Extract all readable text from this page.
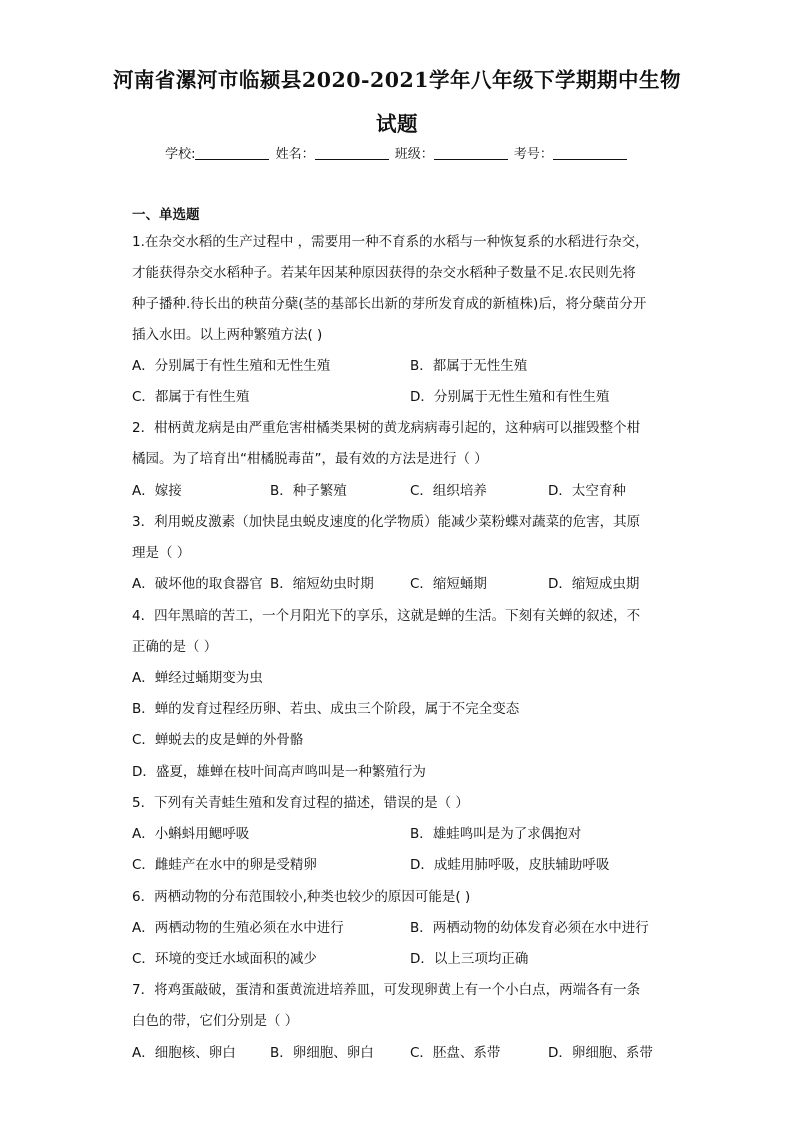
河南省漯河市临颍县2020-2021学年八年级下学期期中生物
试题
学校:	姓名：	班级：	考号：
一、单选题
1.在杂交水稻的生产过程中 ，需要用一种不育系的水稻与一种恢复系的水稻进行杂交，
才能获得杂交水稻种子。若某年因某种原因获得的杂交水稻种子数量不足.农民则先将
种子播种.待长出的秧苗分蘖(茎的基部长出新的芽所发育成的新植株)后，将分蘖苗分开
插入水田。以上两种繁殖方法( )
A．分别属于有性生殖和无性生殖	B．都属于无性生殖
C．都属于有性生殖	D．分别属于无性生殖和有性生殖
2．柑柄黄龙病是由严重危害柑橘类果树的黄龙病病毒引起的，这种病可以摧毁整个柑
橘园。为了培育出“柑橘脱毒苗”，最有效的方法是进行（ ）
A．嫁接	B．种子繁殖	C．组织培养	D．太空育种
3．利用蜕皮激素（加快昆虫蜕皮速度的化学物质）能减少菜粉蝶对蔬菜的危害，其原
理是（ ）
A．破坏他的取食器官 B．缩短幼虫时期	C．缩短蛹期	D．缩短成虫期
4．四年黑暗的苦工，一个月阳光下的享乐，这就是蝉的生活。下刻有关蝉的叙述，不
正确的是（ ）
A．蝉经过蛹期变为虫
B．蝉的发育过程经历卵、若虫、成虫三个阶段，属于不完全变态
C．蝉蜕去的皮是蝉的外骨骼
D．盛夏，雄蝉在枝叶间高声鸣叫是一种繁殖行为
5．下列有关青蛙生殖和发育过程的描述，错误的是（ ）
A．小蝌蚪用鳃呼吸	B．雄蛙鸣叫是为了求偶抱对
C．雌蛙产在水中的卵是受精卵	D．成蛙用肺呼吸，皮肤辅助呼吸
6．两栖动物的分布范围较小,种类也较少的原因可能是( )
A．两栖动物的生殖必须在水中进行	B．两栖动物的幼体发育必须在水中进行
C．环境的变迁水域面积的减少	D．以上三项均正确
7．将鸡蛋敲破，蛋清和蛋黄流进培养皿，可发现卵黄上有一个小白点，两端各有一条
白色的带，它们分别是（ ）
A．细胞核、卵白	B．卵细胞、卵白	C．胚盘、系带	D．卵细胞、系带
